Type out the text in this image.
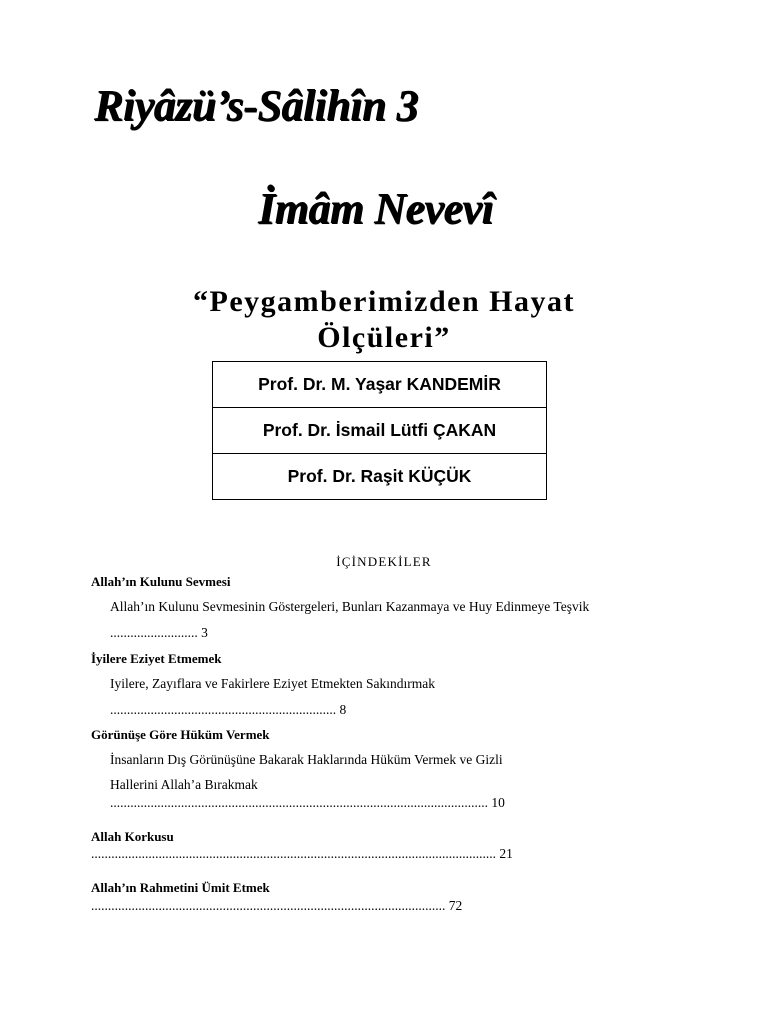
Riyâzü’s-Sâlihîn 3
İmâm Nevevî
“Peygamberimizden Hayat
Ölçüleri”
Prof. Dr. M. Yaşar KANDEMİR
Prof. Dr. İsmail Lütfi ÇAKAN
Prof. Dr. Raşit KÜÇÜK
İÇİNDEKİLER
Allah’ın Kulunu Sevmesi
Allah’ın Kulunu Sevmesinin Göstergeleri, Bunları Kazanmaya ve Huy Edinmeye Teşvik
.......................... 3
İyilere Eziyet Etmemek
Iyilere, Zayıflara ve Fakirlere Eziyet Etmekten Sakındırmak
................................................................... 8
Görünüşe Göre Hüküm Vermek
İnsanların Dış Görünüşüne Bakarak Haklarında Hüküm Vermek ve Gizli
Hallerini Allah’a Bırakmak
................................................................................................................ 10
Allah Korkusu
........................................................................................................................ 21
Allah’ın Rahmetini Ümit Etmek
......................................................................................................... 72
